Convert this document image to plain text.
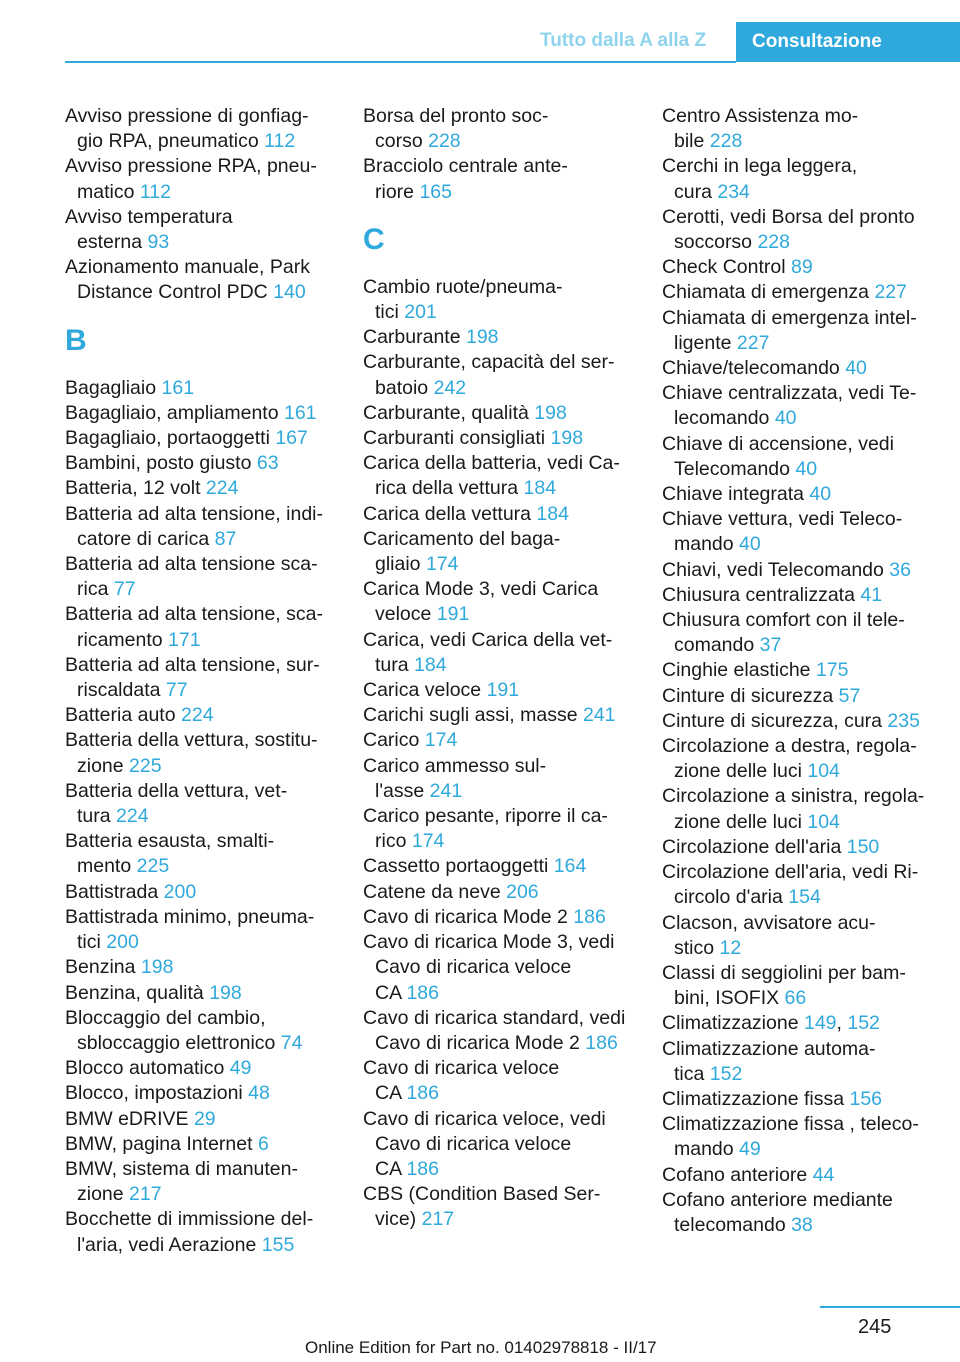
Tutto dalla A alla Z	Consultazione
Avviso pressione di gonfiag-
gio RPA, pneumatico 112
Avviso pressione RPA, pneu-
matico 112
Avviso temperatura
esterna 93
Azionamento manuale, Park
Distance Control PDC 140
B
Bagagliaio 161
Bagagliaio, ampliamento 161
Bagagliaio, portaoggetti 167
Bambini, posto giusto 63
Batteria, 12 volt 224
Batteria ad alta tensione, indi-
catore di carica 87
Batteria ad alta tensione sca-
rica 77
Batteria ad alta tensione, sca-
ricamento 171
Batteria ad alta tensione, sur-
riscaldata 77
Batteria auto 224
Batteria della vettura, sostitu-
zione 225
Batteria della vettura, vet-
tura 224
Batteria esausta, smalti-
mento 225
Battistrada 200
Battistrada minimo, pneuma-
tici 200
Benzina 198
Benzina, qualità 198
Bloccaggio del cambio,
sbloccaggio elettronico 74
Blocco automatico 49
Blocco, impostazioni 48
BMW eDRIVE 29
BMW, pagina Internet 6
BMW, sistema di manuten-
zione 217
Bocchette di immissione del-
l'aria, vedi Aerazione 155
Borsa del pronto soc-
corso 228
Bracciolo centrale ante-
riore 165
C
Cambio ruote/pneuma-
tici 201
Carburante 198
Carburante, capacità del ser-
batoio 242
Carburante, qualità 198
Carburanti consigliati 198
Carica della batteria, vedi Ca-
rica della vettura 184
Carica della vettura 184
Caricamento del baga-
gliaio 174
Carica Mode 3, vedi Carica
veloce 191
Carica, vedi Carica della vet-
tura 184
Carica veloce 191
Carichi sugli assi, masse 241
Carico 174
Carico ammesso sul-
l'asse 241
Carico pesante, riporre il ca-
rico 174
Cassetto portaoggetti 164
Catene da neve 206
Cavo di ricarica Mode 2 186
Cavo di ricarica Mode 3, vedi
Cavo di ricarica veloce
CA 186
Cavo di ricarica standard, vedi
Cavo di ricarica Mode 2 186
Cavo di ricarica veloce
CA 186
Cavo di ricarica veloce, vedi
Cavo di ricarica veloce
CA 186
CBS (Condition Based Ser-
vice) 217
Centro Assistenza mo-
bile 228
Cerchi in lega leggera,
cura 234
Cerotti, vedi Borsa del pronto
soccorso 228
Check Control 89
Chiamata di emergenza 227
Chiamata di emergenza intel-
ligente 227
Chiave/telecomando 40
Chiave centralizzata, vedi Te-
lecomando 40
Chiave di accensione, vedi
Telecomando 40
Chiave integrata 40
Chiave vettura, vedi Teleco-
mando 40
Chiavi, vedi Telecomando 36
Chiusura centralizzata 41
Chiusura comfort con il tele-
comando 37
Cinghie elastiche 175
Cinture di sicurezza 57
Cinture di sicurezza, cura 235
Circolazione a destra, regola-
zione delle luci 104
Circolazione a sinistra, regola-
zione delle luci 104
Circolazione dell'aria 150
Circolazione dell'aria, vedi Ri-
circolo d'aria 154
Clacson, avvisatore acu-
stico 12
Classi di seggiolini per bam-
bini, ISOFIX 66
Climatizzazione 149, 152
Climatizzazione automa-
tica 152
Climatizzazione fissa 156
Climatizzazione fissa , teleco-
mando 49
Cofano anteriore 44
Cofano anteriore mediante
telecomando 38
245
Online Edition for Part no. 01402978818 - II/17
